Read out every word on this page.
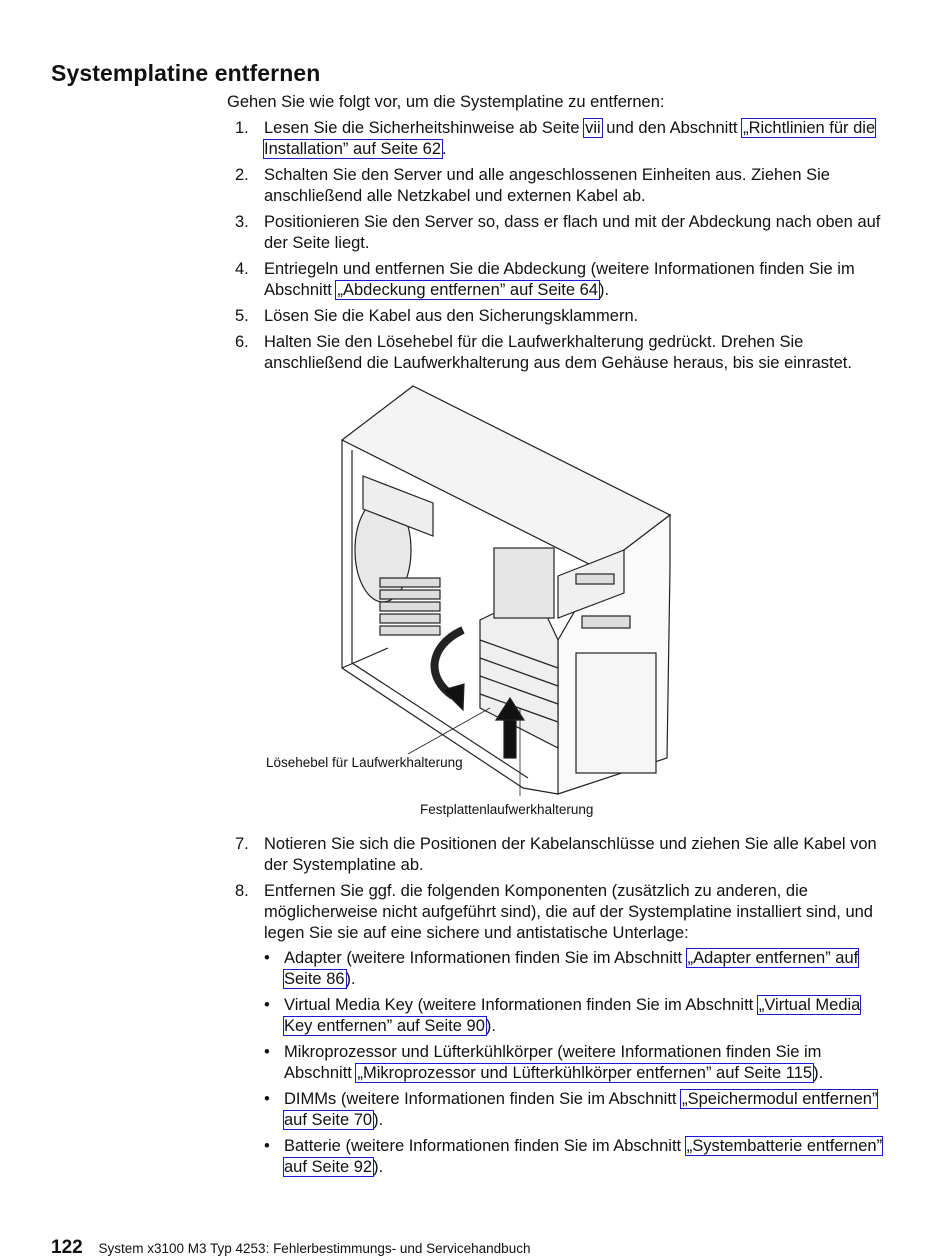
Systemplatine entfernen

Gehen Sie wie folgt vor, um die Systemplatine zu entfernen:

1. Lesen Sie die Sicherheitshinweise ab Seite vii und den Abschnitt „Richtlinien für die Installation” auf Seite 62.
2. Schalten Sie den Server und alle angeschlossenen Einheiten aus. Ziehen Sie anschließend alle Netzkabel und externen Kabel ab.
3. Positionieren Sie den Server so, dass er flach und mit der Abdeckung nach oben auf der Seite liegt.
4. Entriegeln und entfernen Sie die Abdeckung (weitere Informationen finden Sie im Abschnitt „Abdeckung entfernen” auf Seite 64).
5. Lösen Sie die Kabel aus den Sicherungsklammern.
6. Halten Sie den Lösehebel für die Laufwerkhalterung gedrückt. Drehen Sie anschließend die Laufwerkhalterung aus dem Gehäuse heraus, bis sie einrastet.
Lösehebel für Laufwerkhalterung
Festplattenlaufwerkhalterung
7. Notieren Sie sich die Positionen der Kabelanschlüsse und ziehen Sie alle Kabel von der Systemplatine ab.
8. Entfernen Sie ggf. die folgenden Komponenten (zusätzlich zu anderen, die möglicherweise nicht aufgeführt sind), die auf der Systemplatine installiert sind, und legen Sie sie auf eine sichere und antistatische Unterlage:
• Adapter (weitere Informationen finden Sie im Abschnitt „Adapter entfernen” auf Seite 86).
• Virtual Media Key (weitere Informationen finden Sie im Abschnitt „Virtual Media Key entfernen” auf Seite 90).
• Mikroprozessor und Lüfterkühlkörper (weitere Informationen finden Sie im Abschnitt „Mikroprozessor und Lüfterkühlkörper entfernen” auf Seite 115).
• DIMMs (weitere Informationen finden Sie im Abschnitt „Speichermodul entfernen” auf Seite 70).
• Batterie (weitere Informationen finden Sie im Abschnitt „Systembatterie entfernen” auf Seite 92).
122 System x3100 M3 Typ 4253: Fehlerbestimmungs- und Servicehandbuch
